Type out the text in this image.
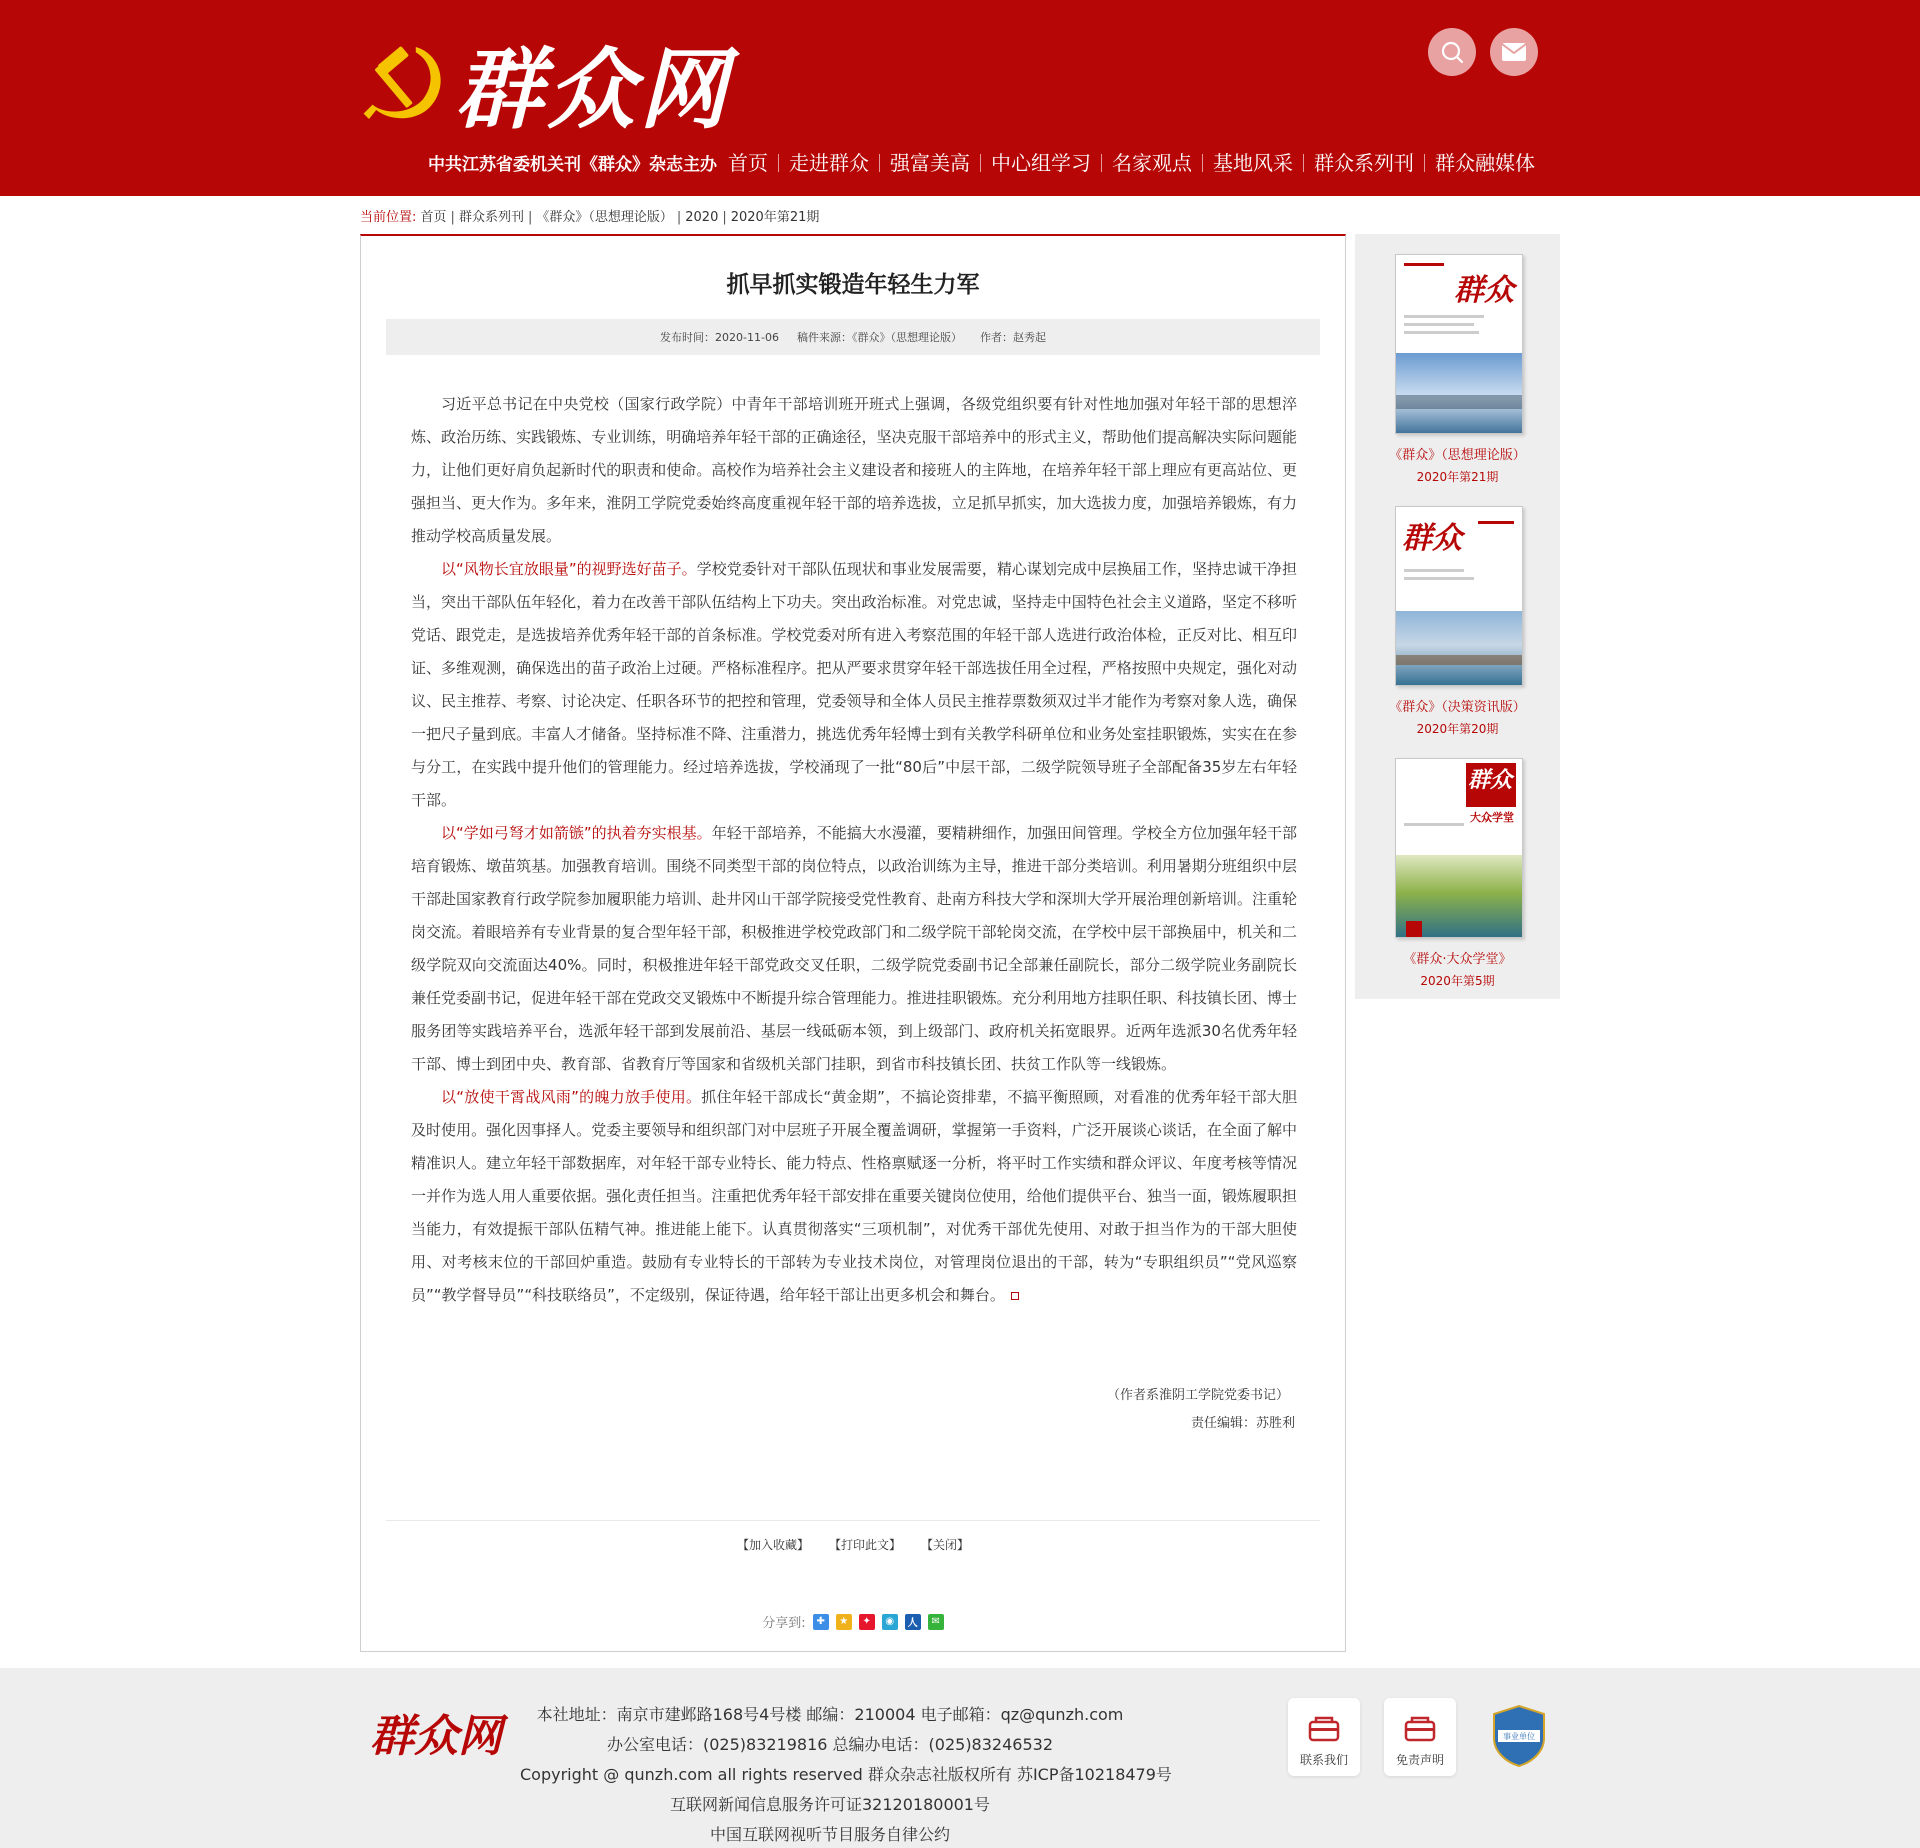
群众网
中共江苏省委机关刊《群众》杂志主办 首页	走进群众	强富美高	中心组学习	名家观点	基地风采	群众系列刊	群众融媒体
当前位置: 首页 | 群众系列刊 | 《群众》（思想理论版） | 2020 | 2020年第21期
抓早抓实锻造年轻生力军
发布时间：2020-11-06 稿件来源：《群众》（思想理论版） 作者：赵秀起

习近平总书记在中央党校（国家行政学院）中青年干部培训班开班式上强调，各级党组织要有针对性地加强对年轻干部的思想淬炼、政治历练、实践锻炼、专业训练，明确培养年轻干部的正确途径，坚决克服干部培养中的形式主义，帮助他们提高解决实际问题能力，让他们更好肩负起新时代的职责和使命。高校作为培养社会主义建设者和接班人的主阵地，在培养年轻干部上理应有更高站位、更强担当、更大作为。多年来，淮阴工学院党委始终高度重视年轻干部的培养选拔，立足抓早抓实，加大选拔力度，加强培养锻炼，有力推动学校高质量发展。

以“风物长宜放眼量”的视野选好苗子。学校党委针对干部队伍现状和事业发展需要，精心谋划完成中层换届工作，坚持忠诚干净担当，突出干部队伍年轻化，着力在改善干部队伍结构上下功夫。突出政治标准。对党忠诚，坚持走中国特色社会主义道路，坚定不移听党话、跟党走，是选拔培养优秀年轻干部的首条标准。学校党委对所有进入考察范围的年轻干部人选进行政治体检，正反对比、相互印证、多维观测，确保选出的苗子政治上过硬。严格标准程序。把从严要求贯穿年轻干部选拔任用全过程，严格按照中央规定，强化对动议、民主推荐、考察、讨论决定、任职各环节的把控和管理，党委领导和全体人员民主推荐票数须双过半才能作为考察对象人选，确保一把尺子量到底。丰富人才储备。坚持标准不降、注重潜力，挑选优秀年轻博士到有关教学科研单位和业务处室挂职锻炼，实实在在参与分工，在实践中提升他们的管理能力。经过培养选拔，学校涌现了一批“80后”中层干部，二级学院领导班子全部配备35岁左右年轻干部。

以“学如弓弩才如箭镞”的执着夯实根基。年轻干部培养，不能搞大水漫灌，要精耕细作，加强田间管理。学校全方位加强年轻干部培育锻炼、墩苗筑基。加强教育培训。围绕不同类型干部的岗位特点，以政治训练为主导，推进干部分类培训。利用暑期分班组织中层干部赴国家教育行政学院参加履职能力培训、赴井冈山干部学院接受党性教育、赴南方科技大学和深圳大学开展治理创新培训。注重轮岗交流。着眼培养有专业背景的复合型年轻干部，积极推进学校党政部门和二级学院干部轮岗交流，在学校中层干部换届中，机关和二级学院双向交流面达40%。同时，积极推进年轻干部党政交叉任职，二级学院党委副书记全部兼任副院长，部分二级学院业务副院长兼任党委副书记，促进年轻干部在党政交叉锻炼中不断提升综合管理能力。推进挂职锻炼。充分利用地方挂职任职、科技镇长团、博士服务团等实践培养平台，选派年轻干部到发展前沿、基层一线砥砺本领，到上级部门、政府机关拓宽眼界。近两年选派30名优秀年轻干部、博士到团中央、教育部、省教育厅等国家和省级机关部门挂职，到省市科技镇长团、扶贫工作队等一线锻炼。

以“放使干霄战风雨”的魄力放手使用。抓住年轻干部成长“黄金期”，不搞论资排辈，不搞平衡照顾，对看准的优秀年轻干部大胆及时使用。强化因事择人。党委主要领导和组织部门对中层班子开展全覆盖调研，掌握第一手资料，广泛开展谈心谈话，在全面了解中精准识人。建立年轻干部数据库，对年轻干部专业特长、能力特点、性格禀赋逐一分析，将平时工作实绩和群众评议、年度考核等情况一并作为选人用人重要依据。强化责任担当。注重把优秀年轻干部安排在重要关键岗位使用，给他们提供平台、独当一面，锻炼履职担当能力，有效提振干部队伍精气神。推进能上能下。认真贯彻落实“三项机制”，对优秀干部优先使用、对敢于担当作为的干部大胆使用、对考核末位的干部回炉重造。鼓励有专业特长的干部转为专业技术岗位，对管理岗位退出的干部，转为“专职组织员”“党风巡察员”“教学督导员”“科技联络员”，不定级别，保证待遇，给年轻干部让出更多机会和舞台。

（作者系淮阴工学院党委书记）
责任编辑：苏胜利
【加入收藏】 【打印此文】 【关闭】
分享到:	✚	★	✦	◉	人	✉
群众
《群众》（思想理论版）
2020年第21期
群众
《群众》（决策资讯版）
2020年第20期
群众
大众学堂
《群众·大众学堂》
2020年第5期
群众网	本社地址：南京市建邺路168号4号楼 邮编：210004 电子邮箱：qz@qunzh.com
办公室电话：(025)83219816 总编办电话：(025)83246532
Copyright @ qunzh.com all rights reserved 群众杂志社版权所有 苏ICP备10218479号
互联网新闻信息服务许可证32120180001号
中国互联网视听节目服务自律公约
联系我们	免责声明
事业单位
